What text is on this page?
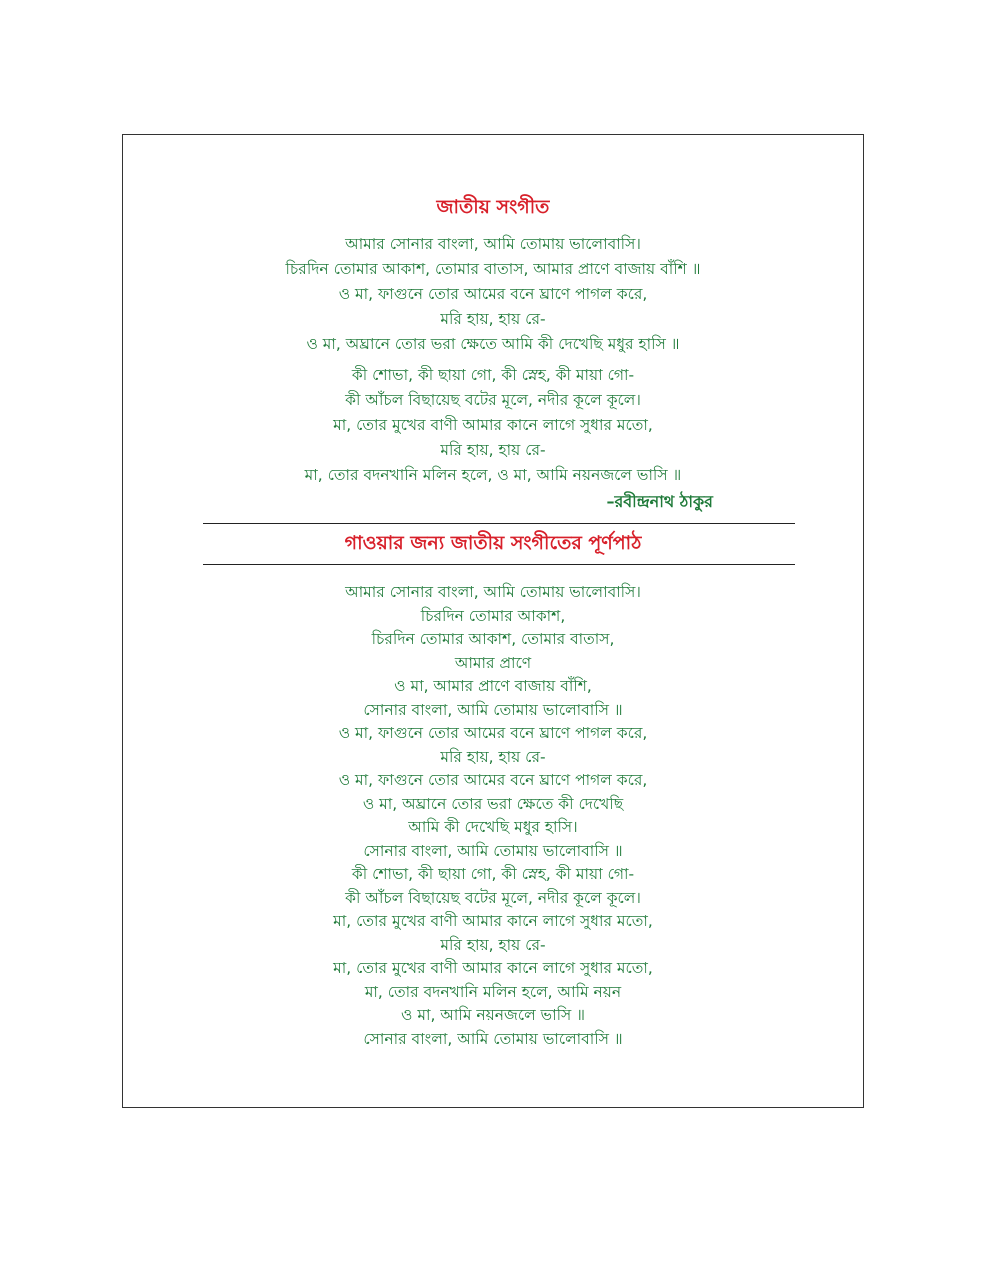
জাতীয় সংগীত
আমার সোনার বাংলা, আমি তোমায় ভালোবাসি।
চিরদিন তোমার আকাশ, তোমার বাতাস, আমার প্রাণে বাজায় বাঁশি ॥
ও মা, ফাগুনে তোর আমের বনে ঘ্রাণে পাগল করে,
মরি হায়, হায় রে-
ও মা, অঘ্রানে তোর ভরা ক্ষেতে আমি কী দেখেছি মধুর হাসি ॥
কী শোভা, কী ছায়া গো, কী স্নেহ, কী মায়া গো-
কী আঁচল বিছায়েছ বটের মূলে, নদীর কূলে কূলে।
মা, তোর মুখের বাণী আমার কানে লাগে সুধার মতো,
মরি হায়, হায় রে-
মা, তোর বদনখানি মলিন হলে, ও মা, আমি নয়নজলে ভাসি ॥
–রবীন্দ্রনাথ ঠাকুর
গাওয়ার জন্য জাতীয় সংগীতের পূর্ণপাঠ
আমার সোনার বাংলা, আমি তোমায় ভালোবাসি।
চিরদিন তোমার আকাশ,
চিরদিন তোমার আকাশ, তোমার বাতাস,
আমার প্রাণে
ও মা, আমার প্রাণে বাজায় বাঁশি,
সোনার বাংলা, আমি তোমায় ভালোবাসি ॥
ও মা, ফাগুনে তোর আমের বনে ঘ্রাণে পাগল করে,
মরি হায়, হায় রে-
ও মা, ফাগুনে তোর আমের বনে ঘ্রাণে পাগল করে,
ও মা, অঘ্রানে তোর ভরা ক্ষেতে কী দেখেছি
আমি কী দেখেছি মধুর হাসি।
সোনার বাংলা, আমি তোমায় ভালোবাসি ॥
কী শোভা, কী ছায়া গো, কী স্নেহ, কী মায়া গো-
কী আঁচল বিছায়েছ বটের মূলে, নদীর কূলে কূলে।
মা, তোর মুখের বাণী আমার কানে লাগে সুধার মতো,
মরি হায়, হায় রে-
মা, তোর মুখের বাণী আমার কানে লাগে সুধার মতো,
মা, তোর বদনখানি মলিন হলে, আমি নয়ন
ও মা, আমি নয়নজলে ভাসি ॥
সোনার বাংলা, আমি তোমায় ভালোবাসি ॥
